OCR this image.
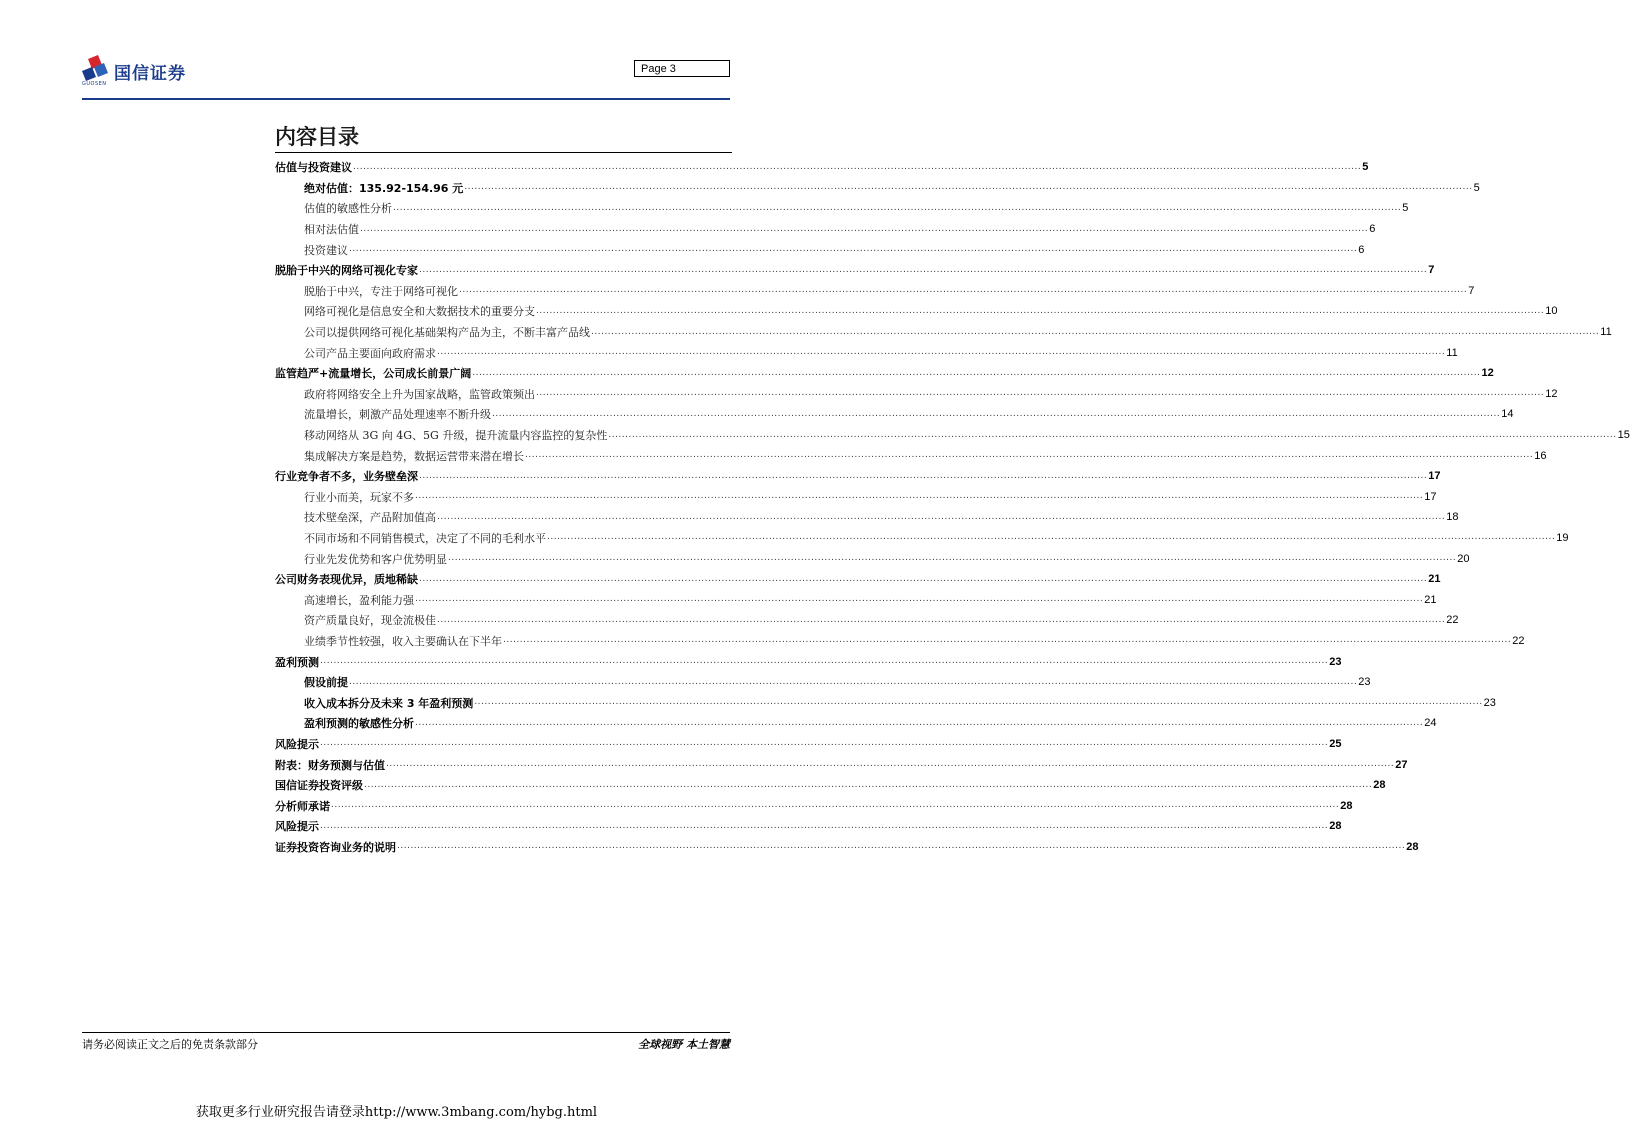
GUOSEN 国信证券	Page 3
内容目录
估值与投资建议 ............................................................................................................................................................................................................................................................................................................ 5
绝对估值：135.92-154.96 元 ............................................................................................................................................................................................................................................................................................................ 5
估值的敏感性分析 ............................................................................................................................................................................................................................................................................................................ 5
相对法估值 ............................................................................................................................................................................................................................................................................................................ 6
投资建议 ............................................................................................................................................................................................................................................................................................................ 6
脱胎于中兴的网络可视化专家 ............................................................................................................................................................................................................................................................................................................ 7
脱胎于中兴，专注于网络可视化 ............................................................................................................................................................................................................................................................................................................ 7
网络可视化是信息安全和大数据技术的重要分支 ............................................................................................................................................................................................................................................................................................................ 10
公司以提供网络可视化基础架构产品为主，不断丰富产品线 ............................................................................................................................................................................................................................................................................................................ 11
公司产品主要面向政府需求 ............................................................................................................................................................................................................................................................................................................ 11
监管趋严+流量增长，公司成长前景广阔 ............................................................................................................................................................................................................................................................................................................ 12
政府将网络安全上升为国家战略，监管政策频出 ............................................................................................................................................................................................................................................................................................................ 12
流量增长，刺激产品处理速率不断升级 ............................................................................................................................................................................................................................................................................................................ 14
移动网络从 3G 向 4G、5G 升级，提升流量内容监控的复杂性 ............................................................................................................................................................................................................................................................................................................ 15
集成解决方案是趋势，数据运营带来潜在增长 ............................................................................................................................................................................................................................................................................................................ 16
行业竞争者不多，业务壁垒深 ............................................................................................................................................................................................................................................................................................................ 17
行业小而美，玩家不多 ............................................................................................................................................................................................................................................................................................................ 17
技术壁垒深，产品附加值高 ............................................................................................................................................................................................................................................................................................................ 18
不同市场和不同销售模式，决定了不同的毛利水平 ............................................................................................................................................................................................................................................................................................................ 19
行业先发优势和客户优势明显 ............................................................................................................................................................................................................................................................................................................ 20
公司财务表现优异，质地稀缺 ............................................................................................................................................................................................................................................................................................................ 21
高速增长，盈利能力强 ............................................................................................................................................................................................................................................................................................................ 21
资产质量良好，现金流极佳 ............................................................................................................................................................................................................................................................................................................ 22
业绩季节性较强，收入主要确认在下半年 ............................................................................................................................................................................................................................................................................................................ 22
盈利预测 ............................................................................................................................................................................................................................................................................................................ 23
假设前提 ............................................................................................................................................................................................................................................................................................................ 23
收入成本拆分及未来 3 年盈利预测 ............................................................................................................................................................................................................................................................................................................ 23
盈利预测的敏感性分析 ............................................................................................................................................................................................................................................................................................................ 24
风险提示 ............................................................................................................................................................................................................................................................................................................ 25
附表：财务预测与估值 ............................................................................................................................................................................................................................................................................................................ 27
国信证券投资评级 ............................................................................................................................................................................................................................................................................................................ 28
分析师承诺 ............................................................................................................................................................................................................................................................................................................ 28
风险提示 ............................................................................................................................................................................................................................................................................................................ 28
证券投资咨询业务的说明 ............................................................................................................................................................................................................................................................................................................ 28
请务必阅读正文之后的免责条款部分	全球视野 本土智慧
获取更多行业研究报告请登录http://www.3mbang.com/hybg.html
